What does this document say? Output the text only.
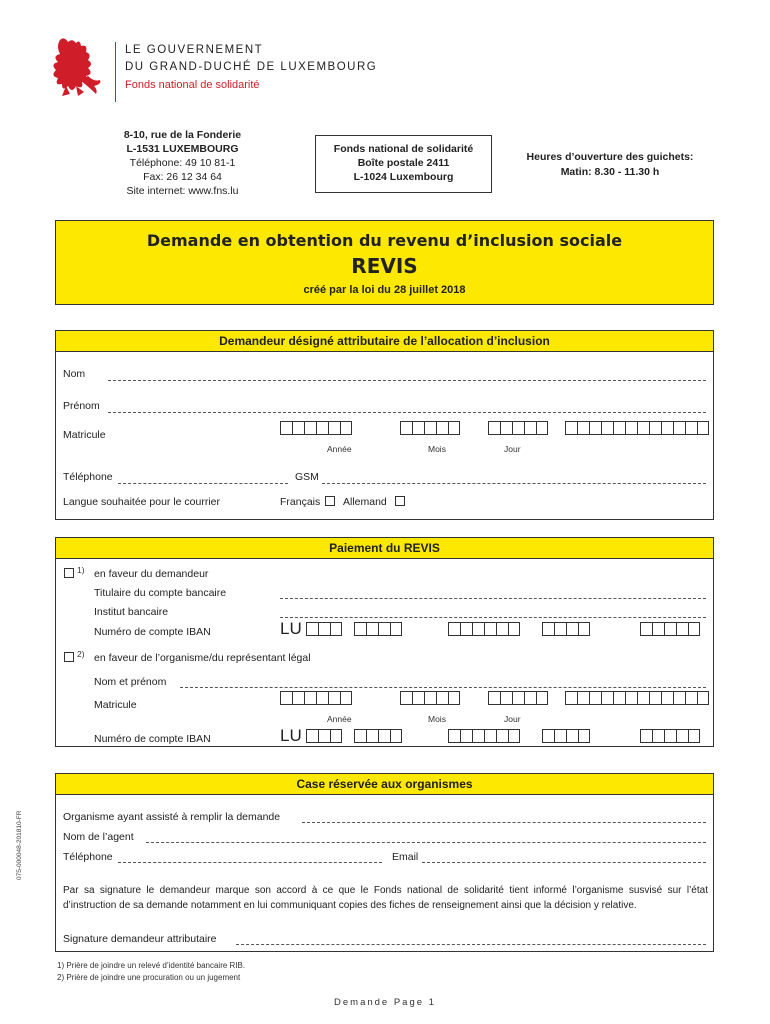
LE GOUVERNEMENT
DU GRAND-DUCHÉ DE LUXEMBOURG
Fonds national de solidarité
8-10, rue de la Fonderie
L-1531 LUXEMBOURG
Téléphone: 49 10 81-1
Fax: 26 12 34 64
Site internet: www.fns.lu
Fonds national de solidarité
Boîte postale 2411
L-1024 Luxembourg
Heures d’ouverture des guichets:
Matin: 8.30 - 11.30 h
Demande en obtention du revenu d’inclusion sociale
REVIS
créé par la loi du 28 juillet 2018
Demandeur désigné attributaire de l’allocation d’inclusion
Nom
Prénom
Matricule
Année	Mois	Jour
Téléphone	GSM
Langue souhaitée pour le courrier	Français Allemand
Paiement du REVIS
1) en faveur du demandeur
Titulaire du compte bancaire
Institut bancaire
Numéro de compte IBAN	LU
2) en faveur de l’organisme/du représentant légal
Nom et prénom
Matricule
Année	Mois	Jour
Numéro de compte IBAN	LU
Case réservée aux organismes
Organisme ayant assisté à remplir la demande
Nom de l’agent
Téléphone	Email
Par sa signature le demandeur marque son accord à ce que le Fonds national de solidarité tient informé l’organisme susvisé sur l’état d’instruction de sa demande notamment en lui communiquant copies des fiches de renseignement ainsi que la décision y relative.
Signature demandeur attributaire
075-000048-201810-FR
1) Prière de joindre un relevé d’identité bancaire RIB.
2) Prière de joindre une procuration ou un jugement
Demande Page 1
